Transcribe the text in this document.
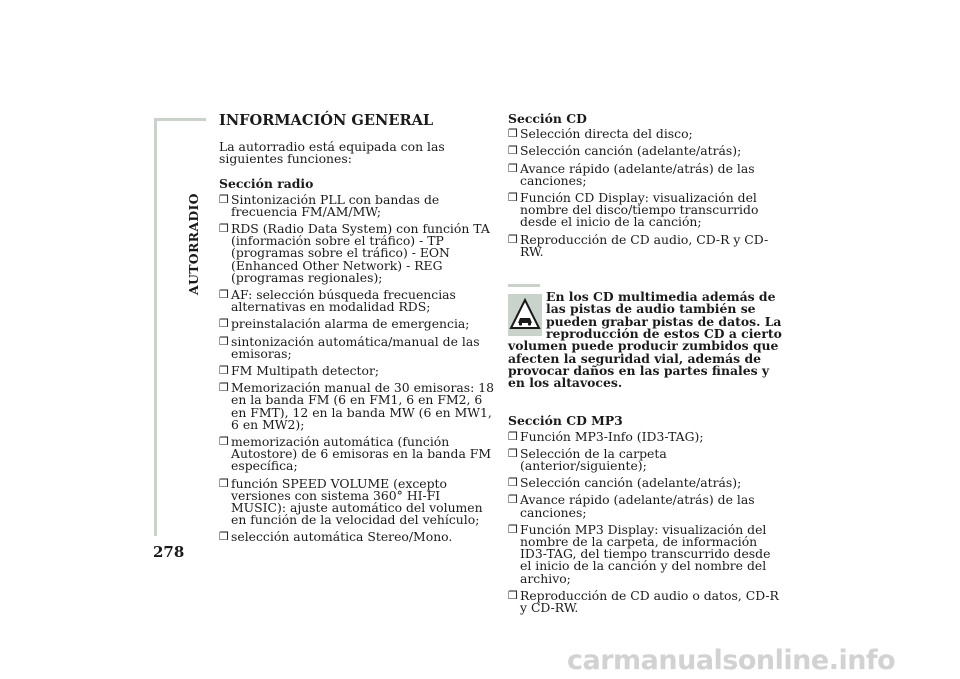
AUTORRADIO
278
INFORMACIÓN GENERAL

La autorradio está equipada con las siguientes funciones:

Sección radio

❒ Sintonización PLL con bandas de frecuencia FM/AM/MW;
❒ RDS (Radio Data System) con función TA (información sobre el tráfico) - TP (programas sobre el tráfico) - EON (Enhanced Other Network) - REG (programas regionales);
❒ AF: selección búsqueda frecuencias alternativas en modalidad RDS;
❒ preinstalación alarma de emergencia;
❒ sintonización automática/manual de las emisoras;
❒ FM Multipath detector;
❒ Memorización manual de 30 emisoras: 18 en la banda FM (6 en FM1, 6 en FM2, 6 en FMT), 12 en la banda MW (6 en MW1, 6 en MW2);
❒ memorización automática (función Autostore) de 6 emisoras en la banda FM específica;
❒ función SPEED VOLUME (excepto versiones con sistema 360° HI-FI MUSIC): ajuste automático del volumen en función de la velocidad del vehículo;
❒ selección automática Stereo/Mono.

Sección CD

❒ Selección directa del disco;
❒ Selección canción (adelante/atrás);
❒ Avance rápido (adelante/atrás) de las canciones;
❒ Función CD Display: visualización del nombre del disco/tiempo transcurrido desde el inicio de la canción;
❒ Reproducción de CD audio, CD-R y CD-RW.
En los CD multimedia además de las pistas de audio también se pueden grabar pistas de datos. La reproducción de estos CD a cierto volumen puede producir zumbidos que afecten la seguridad vial, además de provocar daños en las partes finales y en los altavoces.

Sección CD MP3

❒ Función MP3-Info (ID3-TAG);
❒ Selección de la carpeta (anterior/siguiente);
❒ Selección canción (adelante/atrás);
❒ Avance rápido (adelante/atrás) de las canciones;
❒ Función MP3 Display: visualización del nombre de la carpeta, de información ID3-TAG, del tiempo transcurrido desde el inicio de la canción y del nombre del archivo;
❒ Reproducción de CD audio o datos, CD-R y CD-RW.
carmanualsonline.info
